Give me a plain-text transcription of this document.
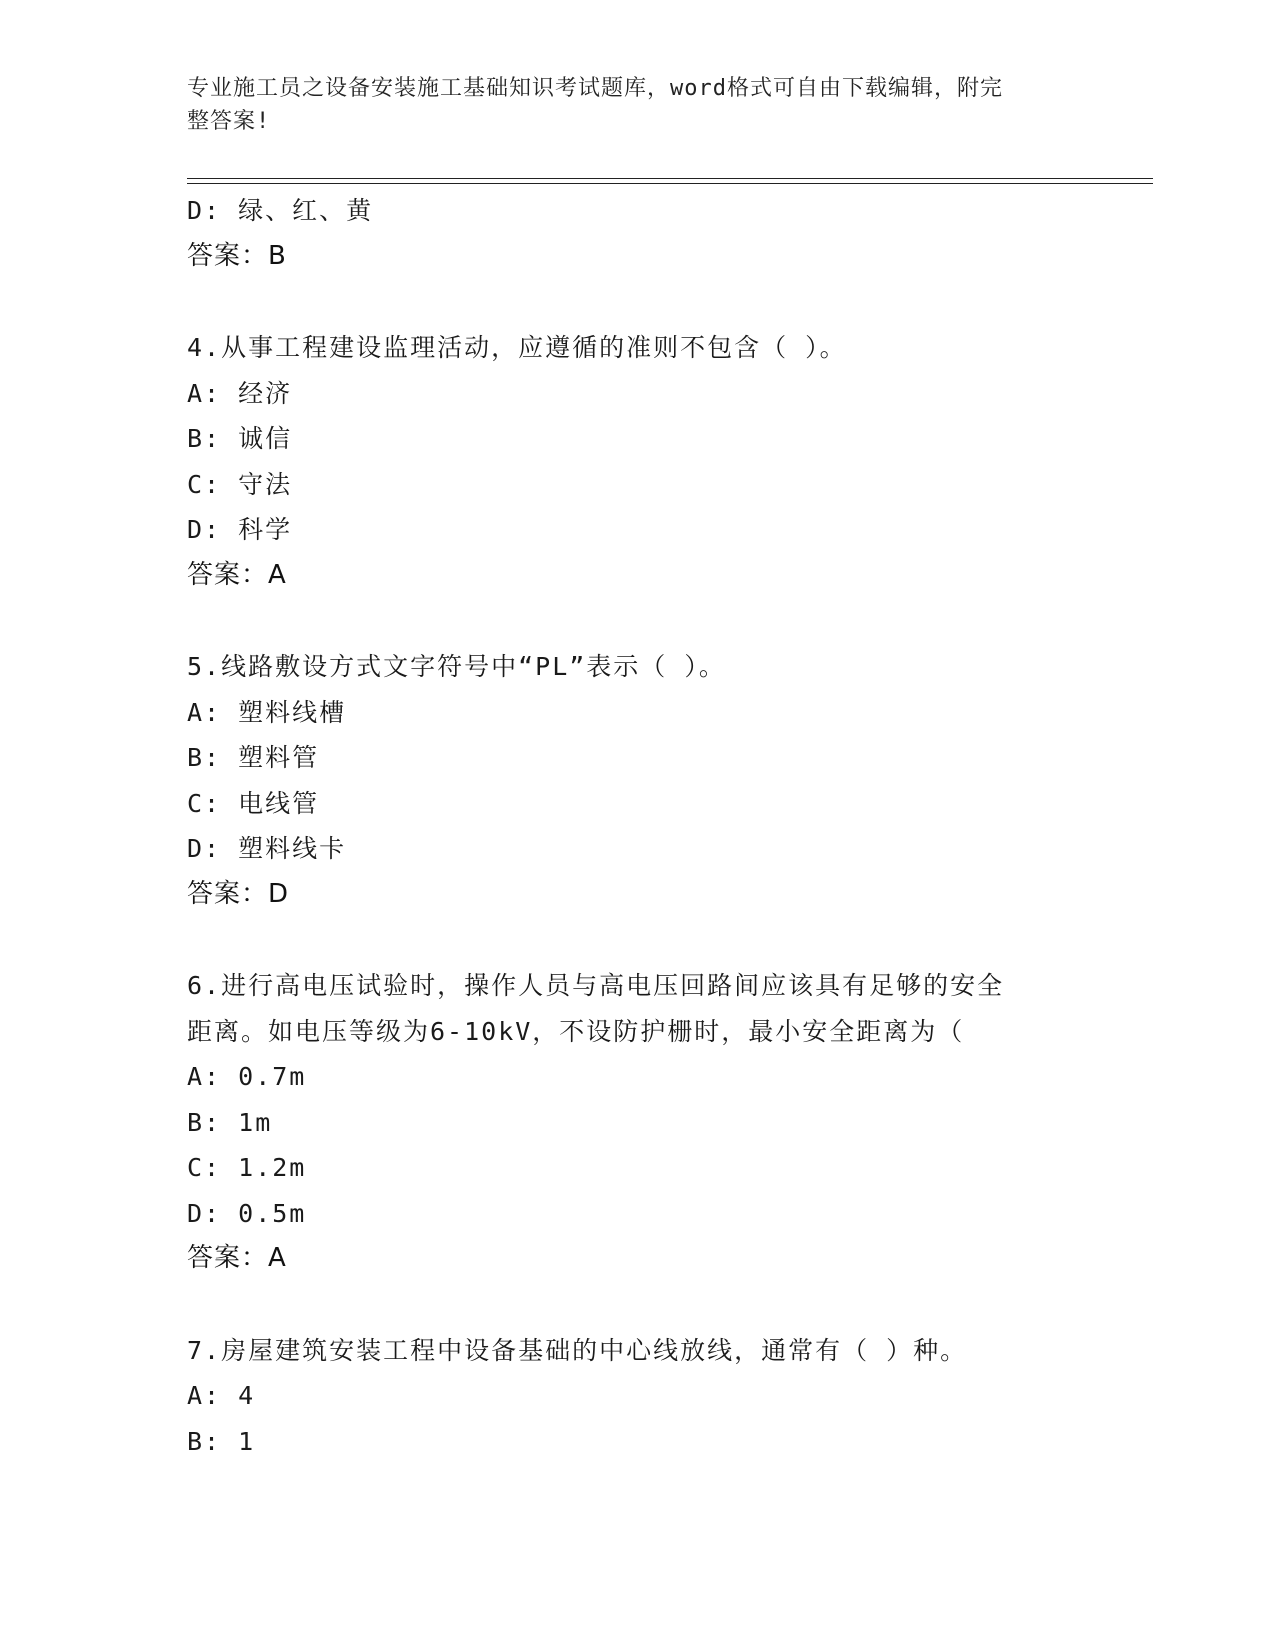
专业施工员之设备安装施工基础知识考试题库，word格式可自由下载编辑，附完
整答案!
D: 绿、红、黄
答案：B
4.从事工程建设监理活动，应遵循的准则不包含（ ）。
A: 经济
B: 诚信
C: 守法
D: 科学
答案：A
5.线路敷设方式文字符号中“PL”表示（ ）。
A: 塑料线槽
B: 塑料管
C: 电线管
D: 塑料线卡
答案：D
6.进行高电压试验时，操作人员与高电压回路间应该具有足够的安全
距离。如电压等级为6-10kV，不设防护栅时，最小安全距离为（
A: 0.7m
B: 1m
C: 1.2m
D: 0.5m
答案：A
7.房屋建筑安装工程中设备基础的中心线放线，通常有（ ）种。
A: 4
B: 1
